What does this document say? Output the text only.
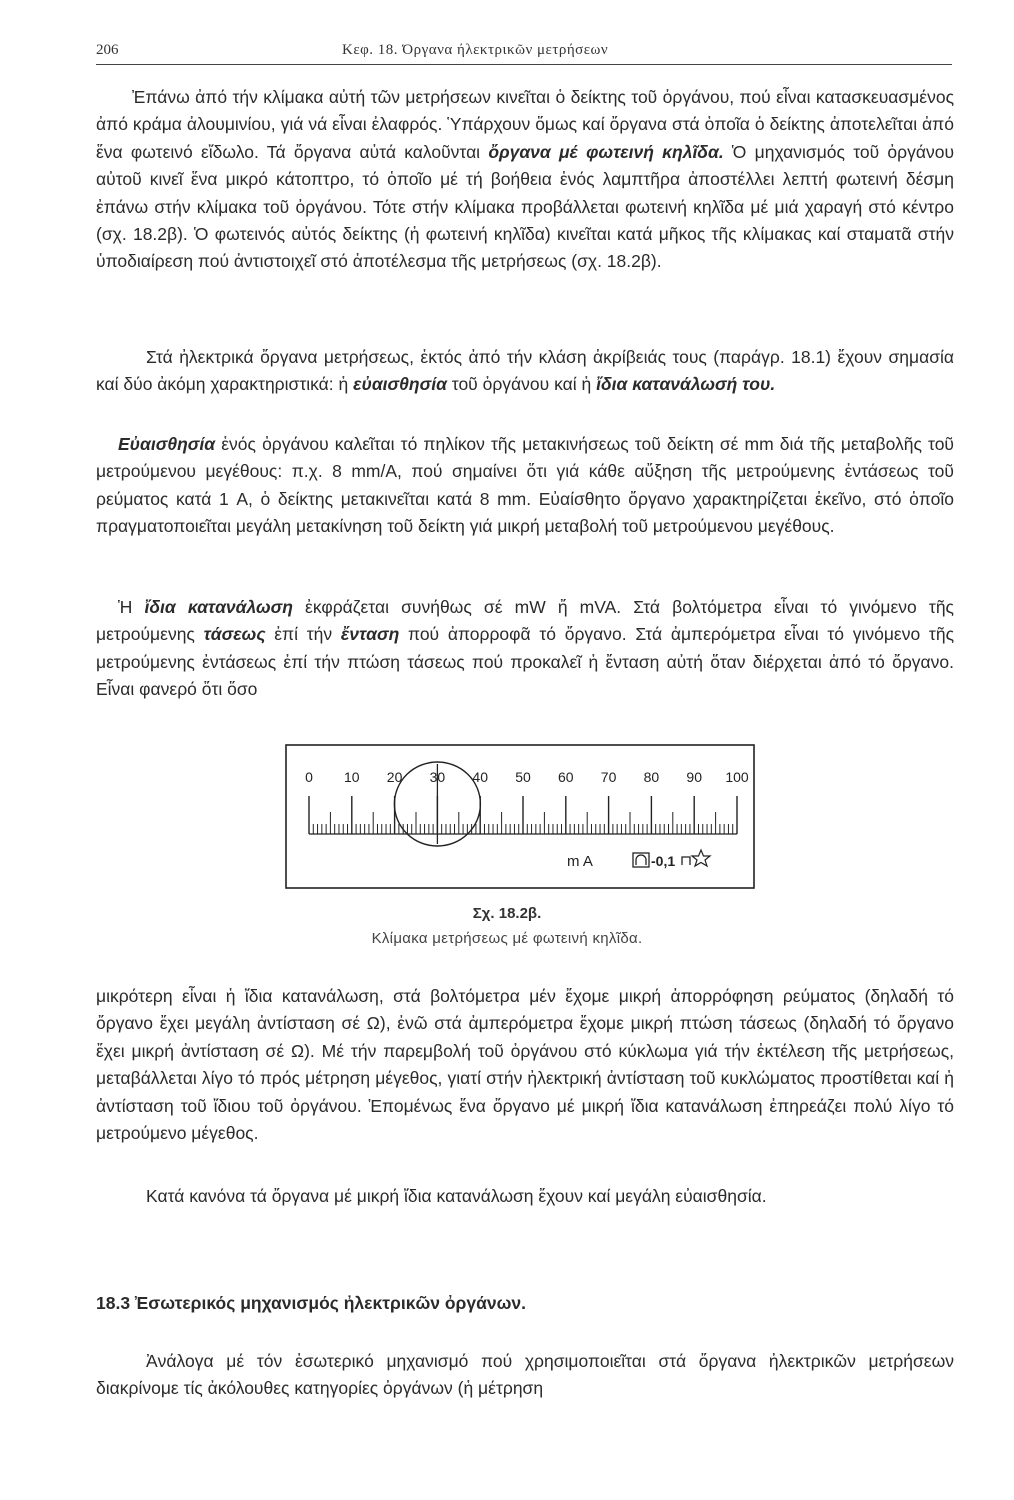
206	Κεφ. 18. Όργανα ήλεκτρικῶν μετρήσεων

Ἐπάνω ἀπό τήν κλίμακα αὐτή τῶν μετρήσεων κινεῖται ὁ δείκτης τοῦ ὀργάνου, πού εἶναι κατασκευασμένος ἀπό κράμα ἀλουμινίου, γιά νά εἶναι ἐλαφρός. Ὑπάρχουν ὅμως καί ὄργανα στά ὁποῖα ὁ δείκτης ἀποτελεῖται ἀπό ἕνα φωτεινό εἴδωλο. Τά ὄργανα αὐτά καλοῦνται ὄργανα μέ φωτεινή κηλῖδα. Ὁ μηχανισμός τοῦ ὀργάνου αὐτοῦ κινεῖ ἕνα μικρό κάτοπτρο, τό ὁποῖο μέ τή βοήθεια ἑνός λαμπτῆρα ἀποστέλλει λεπτή φωτεινή δέσμη ἐπάνω στήν κλίμακα τοῦ ὀργάνου. Τότε στήν κλίμακα προβάλλεται φωτεινή κηλῖδα μέ μιά χαραγή στό κέντρο (σχ. 18.2β). Ὁ φωτεινός αὐτός δείκτης (ἡ φωτεινή κηλῖδα) κινεῖται κατά μῆκος τῆς κλίμακας καί σταματᾶ στήν ὑποδιαίρεση πού ἀντιστοιχεῖ στό ἀποτέλεσμα τῆς μετρήσεως (σχ. 18.2β).

Στά ἠλεκτρικά ὄργανα μετρήσεως, ἐκτός ἀπό τήν κλάση ἀκρίβειάς τους (παράγρ. 18.1) ἔχουν σημασία καί δύο ἀκόμη χαρακτηριστικά: ἡ εὐαισθησία τοῦ ὀργάνου καί ἡ ἴδια κατανάλωσή του.

Εὐαισθησία ἑνός ὀργάνου καλεῖται τό πηλίκον τῆς μετακινήσεως τοῦ δείκτη σέ mm διά τῆς μεταβολῆς τοῦ μετρούμενου μεγέθους: π.χ. 8 mm/A, πού σημαίνει ὅτι γιά κάθε αὔξηση τῆς μετρούμενης ἐντάσεως τοῦ ρεύματος κατά 1 A, ὁ δείκτης μετακινεῖται κατά 8 mm. Εὐαίσθητο ὄργανο χαρακτηρίζεται ἐκεῖνο, στό ὁποῖο πραγματοποιεῖται μεγάλη μετακίνηση τοῦ δείκτη γιά μικρή μεταβολή τοῦ μετρούμενου μεγέθους.

Ἡ ἴδια κατανάλωση ἐκφράζεται συνήθως σέ mW ἤ mVA. Στά βολτόμετρα εἶναι τό γινόμενο τῆς μετρούμενης τάσεως ἐπί τήν ἔνταση πού ἀπορροφᾶ τό ὄργανο. Στά ἀμπερόμετρα εἶναι τό γινόμενο τῆς μετρούμενης ἐντάσεως ἐπί τήν πτώση τάσεως πού προκαλεῖ ἡ ἔνταση αὐτή ὅταν διέρχεται ἀπό τό ὄργανο. Εἶναι φανερό ὅτι ὅσο

0 10 20 30 40 50 60 70 80 90 100
m A	-0,1
Σχ. 18.2β.
Κλίμακα μετρήσεως μέ φωτεινή κηλῖδα.

μικρότερη εἶναι ἡ ἴδια κατανάλωση, στά βολτόμετρα μέν ἔχομε μικρή ἀπορρόφηση ρεύματος (δηλαδή τό ὄργανο ἔχει μεγάλη ἀντίσταση σέ Ω), ἐνῶ στά ἀμπερόμετρα ἔχομε μικρή πτώση τάσεως (δηλαδή τό ὄργανο ἔχει μικρή ἀντίσταση σέ Ω). Μέ τήν παρεμβολή τοῦ ὀργάνου στό κύκλωμα γιά τήν ἐκτέλεση τῆς μετρήσεως, μεταβάλλεται λίγο τό πρός μέτρηση μέγεθος, γιατί στήν ἠλεκτρική ἀντίσταση τοῦ κυκλώματος προστίθεται καί ἡ ἀντίσταση τοῦ ἴδιου τοῦ ὀργάνου. Ἑπομένως ἕνα ὄργανο μέ μικρή ἴδια κατανάλωση ἐπηρεάζει πολύ λίγο τό μετρούμενο μέγεθος.

Κατά κανόνα τά ὄργανα μέ μικρή ἴδια κατανάλωση ἔχουν καί μεγάλη εὐαισθησία.

18.3 Ἐσωτερικός μηχανισμός ἠλεκτρικῶν ὀργάνων.

Ἀνάλογα μέ τόν ἐσωτερικό μηχανισμό πού χρησιμοποιεῖται στά ὄργανα ἠλεκτρικῶν μετρήσεων διακρίνομε τίς ἀκόλουθες κατηγορίες ὀργάνων (ἡ μέτρηση
